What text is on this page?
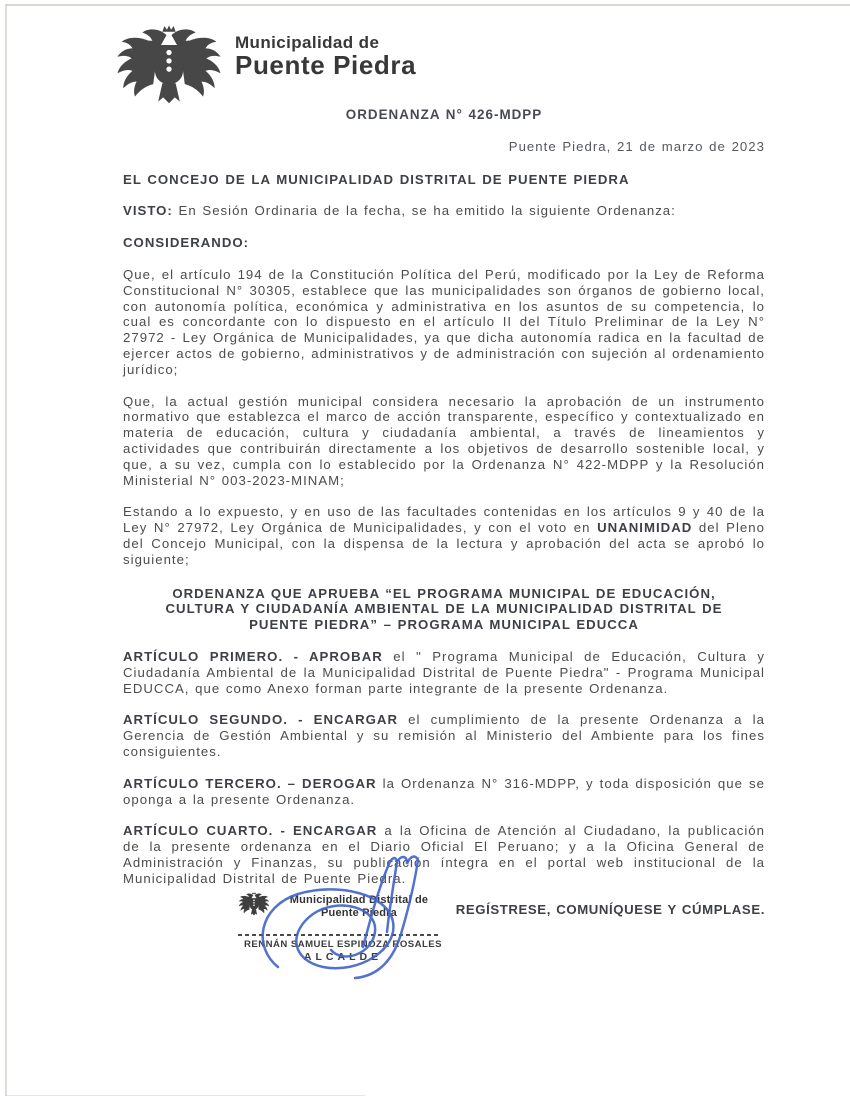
Municipalidad de
Puente Piedra
ORDENANZA N° 426-MDPP
Puente Piedra, 21 de marzo de 2023
EL CONCEJO DE LA MUNICIPALIDAD DISTRITAL DE PUENTE PIEDRA
VISTO: En Sesión Ordinaria de la fecha, se ha emitido la siguiente Ordenanza:
CONSIDERANDO:
Que, el artículo 194 de la Constitución Política del Perú, modificado por la Ley de Reforma Constitucional N° 30305, establece que las municipalidades son órganos de gobierno local, con autonomía política, económica y administrativa en los asuntos de su competencia, lo cual es concordante con lo dispuesto en el artículo II del Título Preliminar de la Ley N° 27972 - Ley Orgánica de Municipalidades, ya que dicha autonomía radica en la facultad de ejercer actos de gobierno, administrativos y de administración con sujeción al ordenamiento jurídico;
Que, la actual gestión municipal considera necesario la aprobación de un instrumento normativo que establezca el marco de acción transparente, específico y contextualizado en materia de educación, cultura y ciudadanía ambiental, a través de lineamientos y actividades que contribuirán directamente a los objetivos de desarrollo sostenible local, y que, a su vez, cumpla con lo establecido por la Ordenanza N° 422-MDPP y la Resolución Ministerial N° 003-2023-MINAM;
Estando a lo expuesto, y en uso de las facultades contenidas en los artículos 9 y 40 de la Ley N° 27972, Ley Orgánica de Municipalidades, y con el voto en UNANIMIDAD del Pleno del Concejo Municipal, con la dispensa de la lectura y aprobación del acta se aprobó lo siguiente;
ORDENANZA QUE APRUEBA “EL PROGRAMA MUNICIPAL DE EDUCACIÓN, CULTURA Y CIUDADANÍA AMBIENTAL DE LA MUNICIPALIDAD DISTRITAL DE PUENTE PIEDRA” – PROGRAMA MUNICIPAL EDUCCA
ARTÍCULO PRIMERO. - APROBAR el " Programa Municipal de Educación, Cultura y Ciudadanía Ambiental de la Municipalidad Distrital de Puente Piedra" - Programa Municipal EDUCCA, que como Anexo forman parte integrante de la presente Ordenanza.
ARTÍCULO SEGUNDO. - ENCARGAR el cumplimiento de la presente Ordenanza a la Gerencia de Gestión Ambiental y su remisión al Ministerio del Ambiente para los fines consiguientes.
ARTÍCULO TERCERO. – DEROGAR la Ordenanza N° 316-MDPP, y toda disposición que se oponga a la presente Ordenanza.
ARTÍCULO CUARTO. - ENCARGAR a la Oficina de Atención al Ciudadano, la publicación de la presente ordenanza en el Diario Oficial El Peruano; y a la Oficina General de Administración y Finanzas, su publicación íntegra en el portal web institucional de la Municipalidad Distrital de Puente Piedra.
REGÍSTRESE, COMUNÍQUESE Y CÚMPLASE.
Municipalidad Distrital de
Puente Piedra
RENNÁN SAMUEL ESPINOZA ROSALES
ALCALDE
